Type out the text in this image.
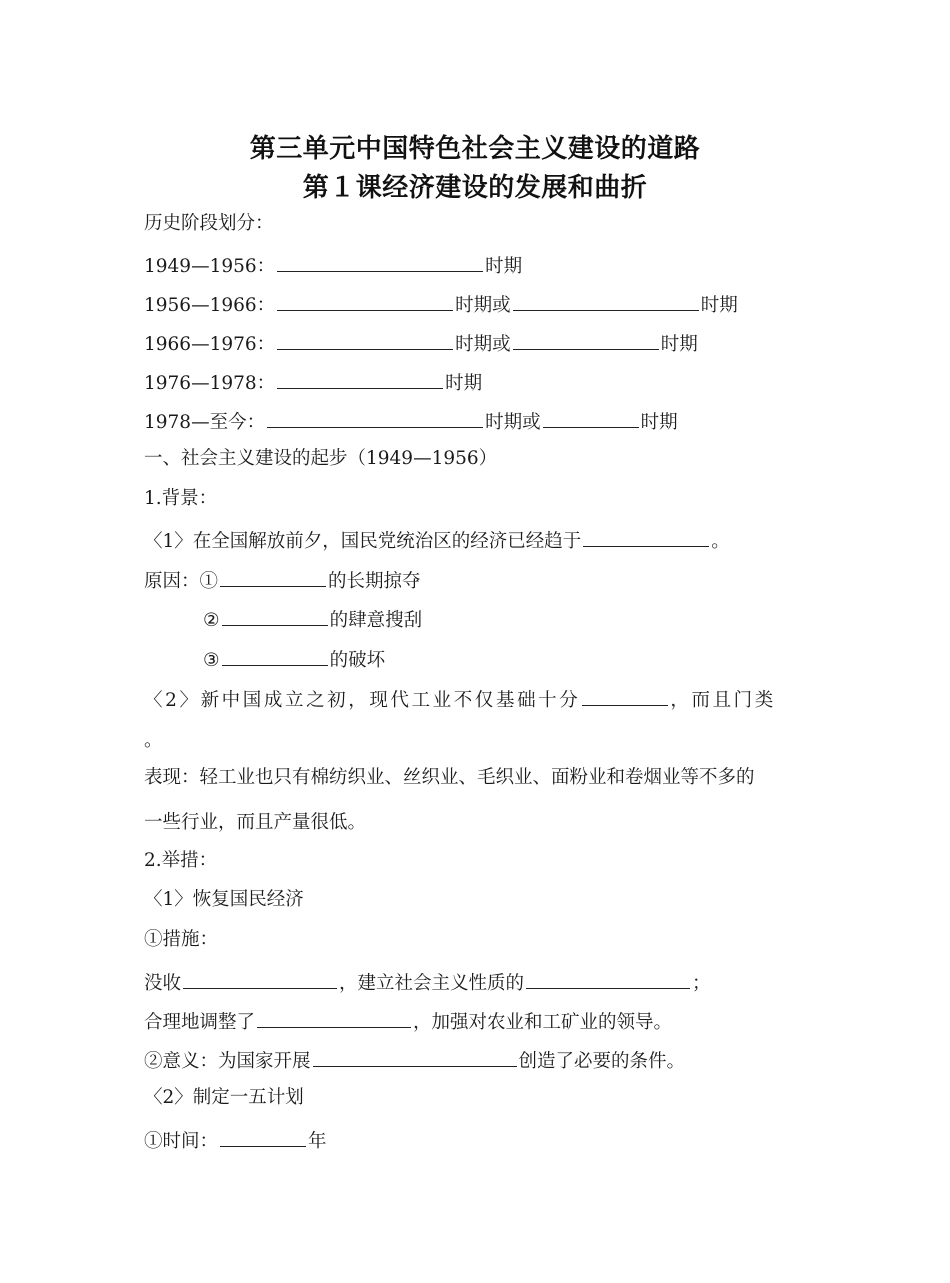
第三单元中国特色社会主义建设的道路
第１课经济建设的发展和曲折
历史阶段划分：
1949—1956：	时期
1956—1966：	时期或	时期
1966—1976：	时期或	时期
1976—1978：	时期
1978—至今：	时期或	时期
一、社会主义建设的起步（1949—1956）
1.背景：
〈1〉在全国解放前夕，国民党统治区的经济已经趋于	。
原因：①	的长期掠夺
②	的肆意搜刮
③	的破坏
〈2〉新中国成立之初，现代工业不仅基础十分	，而且门类
。
表现：轻工业也只有棉纺织业、丝织业、毛织业、面粉业和卷烟业等不多的
一些行业，而且产量很低。
2.举措：
〈1〉恢复国民经济
①措施：
没收	，建立社会主义性质的	；
合理地调整了	，加强对农业和工矿业的领导。
②意义：为国家开展	创造了必要的条件。
〈2〉制定一五计划
①时间：	年
